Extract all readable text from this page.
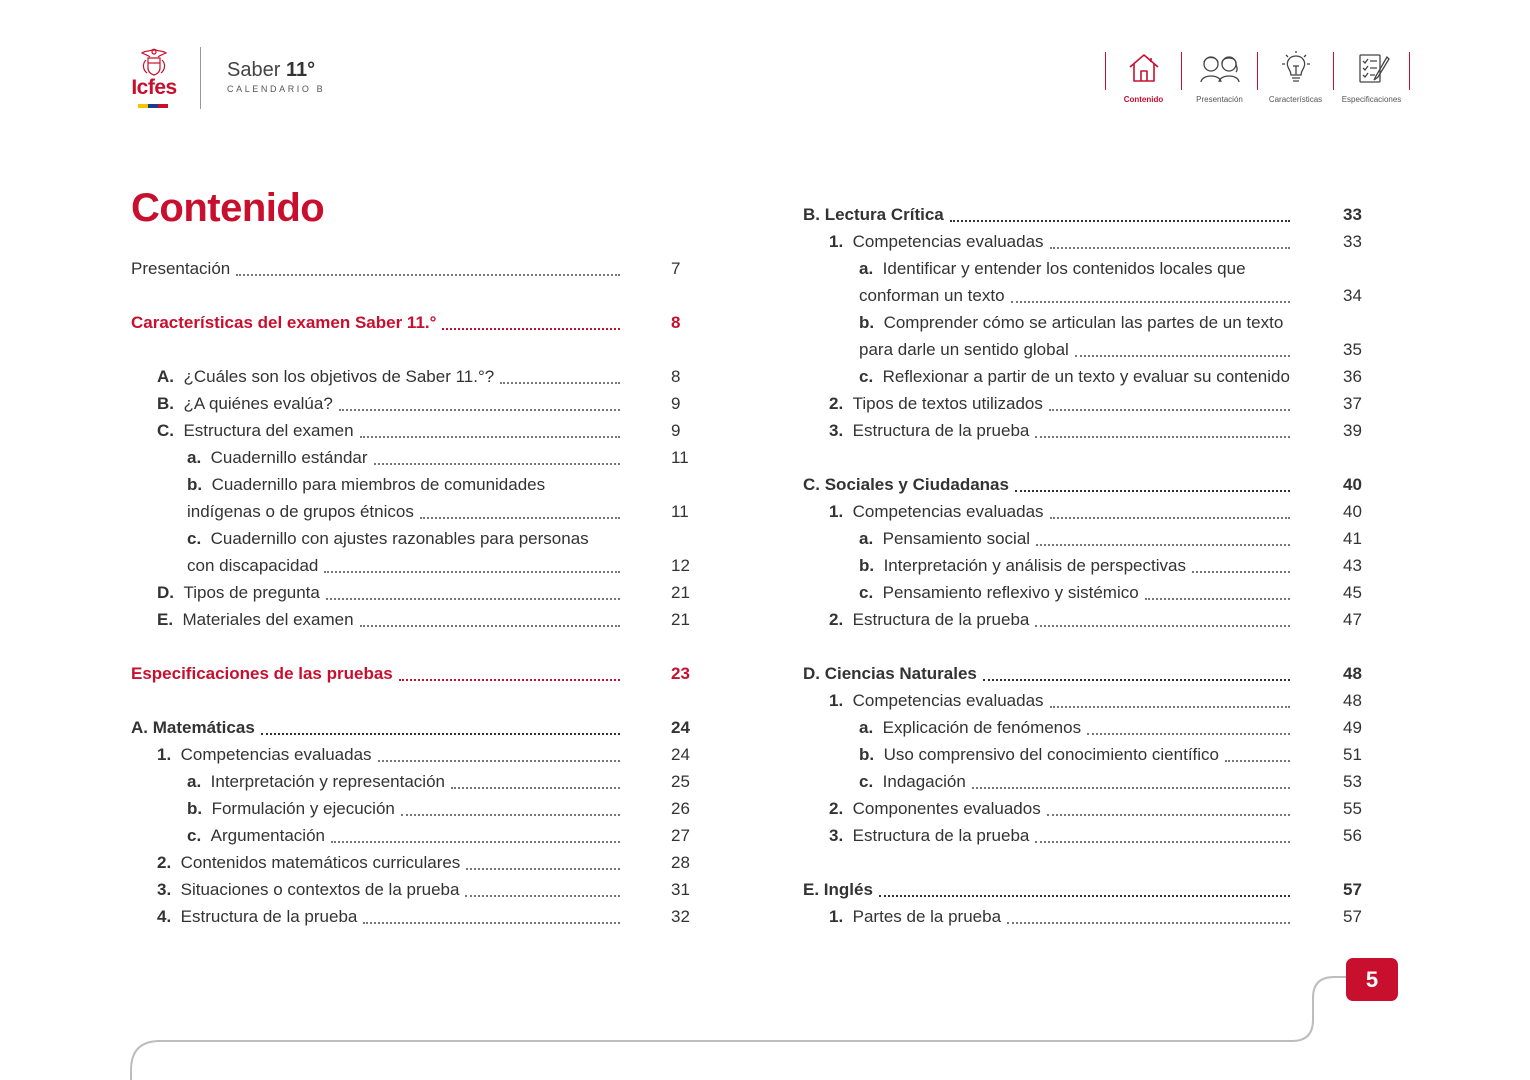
Icfes
Saber 11°
CALENDARIO B
Contenido	Presentación	Características Especificaciones
Contenido
Presentación	7
Características del examen Saber 11.°	8
A. ¿Cuáles son los objetivos de Saber 11.°?	8
B. ¿A quiénes evalúa?	9
C. Estructura del examen	9
a. Cuadernillo estándar	11
b. Cuadernillo para miembros de comunidades
indígenas o de grupos étnicos	11
c. Cuadernillo con ajustes razonables para personas
con discapacidad	12
D. Tipos de pregunta	21
E. Materiales del examen	21
Especificaciones de las pruebas	23
A. Matemáticas	24
1. Competencias evaluadas	24
a. Interpretación y representación	25
b. Formulación y ejecución	26
c. Argumentación	27
2. Contenidos matemáticos curriculares	28
3. Situaciones o contextos de la prueba	31
4. Estructura de la prueba	32
B. Lectura Crítica	33
1. Competencias evaluadas	33
a. Identificar y entender los contenidos locales que
conforman un texto	34
b. Comprender cómo se articulan las partes de un texto
para darle un sentido global	35
c. Reflexionar a partir de un texto y evaluar su contenido	36
2. Tipos de textos utilizados	37
3. Estructura de la prueba	39
C. Sociales y Ciudadanas	40
1. Competencias evaluadas	40
a. Pensamiento social	41
b. Interpretación y análisis de perspectivas	43
c. Pensamiento reflexivo y sistémico	45
2. Estructura de la prueba	47
D. Ciencias Naturales	48
1. Competencias evaluadas	48
a. Explicación de fenómenos	49
b. Uso comprensivo del conocimiento científico	51
c. Indagación	53
2. Componentes evaluados	55
3. Estructura de la prueba	56
E. Inglés	57
1. Partes de la prueba	57
5
